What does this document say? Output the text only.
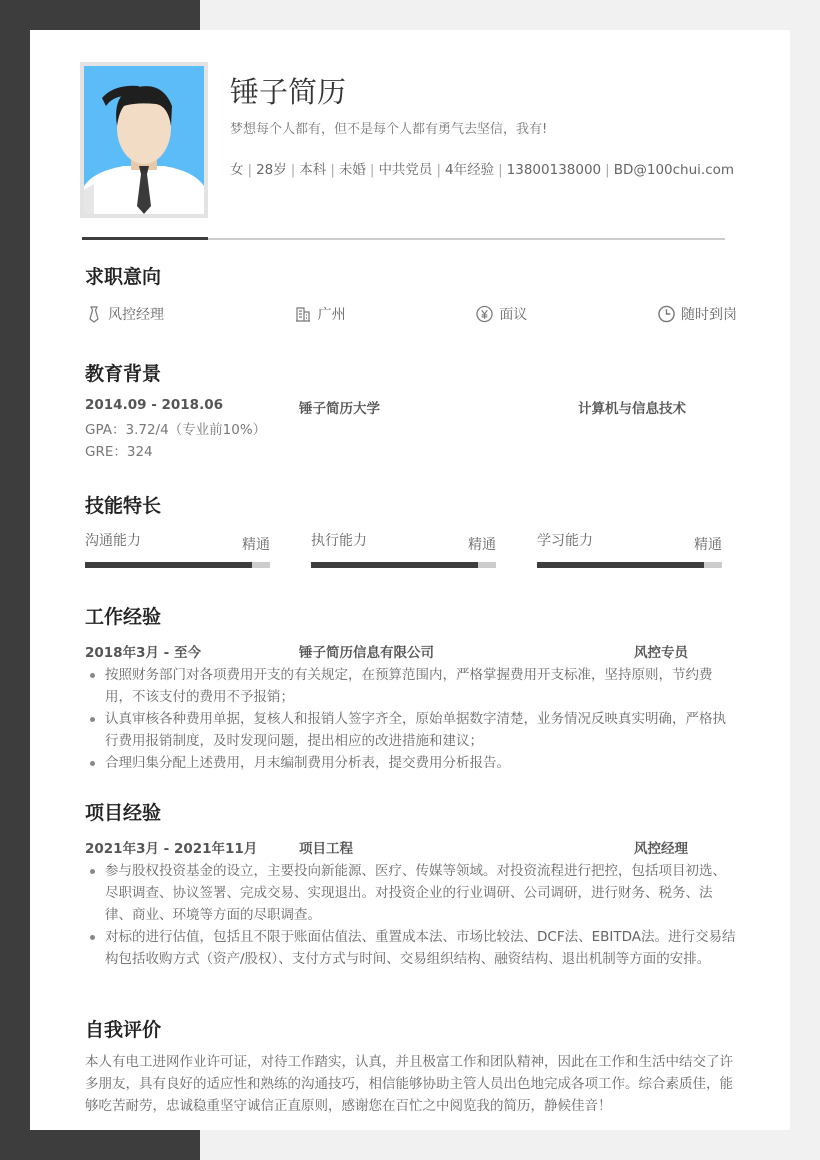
锤子简历
梦想每个人都有，但不是每个人都有勇气去坚信，我有!
女 | 28岁 | 本科 | 未婚 | 中共党员 | 4年经验 | 13800138000 | BD@100chui.com
求职意向
风控经理	广州	面议	随时到岗
教育背景
2014.09 - 2018.06	锤子简历大学	计算机与信息技术
GPA：3.72/4（专业前10%）
GRE：324
技能特长
沟通能力	精通	执行能力	精通	学习能力	精通
工作经验
2018年3月 - 至今	锤子简历信息有限公司	风控专员
按照财务部门对各项费用开支的有关规定，在预算范围内，严格掌握费用开支标准，坚持原则，节约费用，不该支付的费用不予报销；
认真审核各种费用单据，复核人和报销人签字齐全，原始单据数字清楚，业务情况反映真实明确，严格执行费用报销制度，及时发现问题，提出相应的改进措施和建议；
合理归集分配上述费用，月末编制费用分析表，提交费用分析报告。
项目经验
2021年3月 - 2021年11月	项目工程	风控经理
参与股权投资基金的设立，主要投向新能源、医疗、传媒等领域。对投资流程进行把控，包括项目初选、尽职调查、协议签署、完成交易、实现退出。对投资企业的行业调研、公司调研，进行财务、税务、法律、商业、环境等方面的尽职调查。
对标的进行估值，包括且不限于账面估值法、重置成本法、市场比较法、DCF法、EBITDA法。进行交易结构包括收购方式（资产/股权）、支付方式与时间、交易组织结构、融资结构、退出机制等方面的安排。
自我评价
本人有电工进网作业许可证，对待工作踏实，认真，并且极富工作和团队精神，因此在工作和生活中结交了许多朋友，具有良好的适应性和熟练的沟通技巧，相信能够协助主管人员出色地完成各项工作。综合素质佳，能够吃苦耐劳，忠诚稳重坚守诚信正直原则，感谢您在百忙之中阅览我的简历，静候佳音！
